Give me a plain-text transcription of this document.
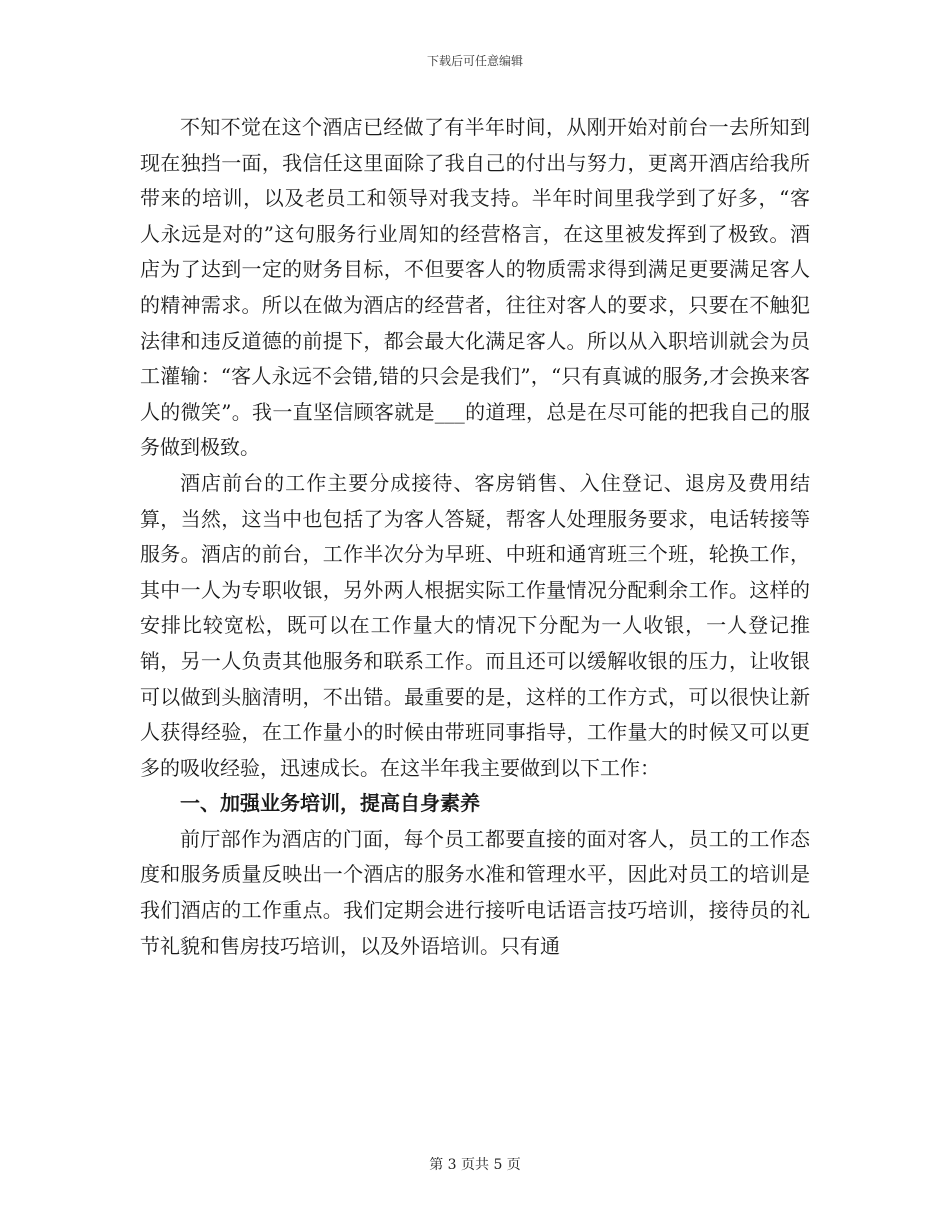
下载后可任意编辑

不知不觉在这个酒店已经做了有半年时间，从刚开始对前台一去所知到现在独挡一面，我信任这里面除了我自己的付出与努力，更离开酒店给我所带来的培训，以及老员工和领导对我支持。半年时间里我学到了好多，“客人永远是对的”这句服务行业周知的经营格言，在这里被发挥到了极致。酒店为了达到一定的财务目标，不但要客人的物质需求得到满足更要满足客人的精神需求。所以在做为酒店的经营者，往往对客人的要求，只要在不触犯法律和违反道德的前提下，都会最大化满足客人。所以从入职培训就会为员工灌输：“客人永远不会错,错的只会是我们”，“只有真诚的服务,才会换来客人的微笑”。我一直坚信顾客就是___的道理，总是在尽可能的把我自己的服务做到极致。

酒店前台的工作主要分成接待、客房销售、入住登记、退房及费用结算，当然，这当中也包括了为客人答疑，帮客人处理服务要求，电话转接等服务。酒店的前台，工作半次分为早班、中班和通宵班三个班，轮换工作，其中一人为专职收银，另外两人根据实际工作量情况分配剩余工作。这样的安排比较宽松，既可以在工作量大的情况下分配为一人收银，一人登记推销，另一人负责其他服务和联系工作。而且还可以缓解收银的压力，让收银可以做到头脑清明，不出错。最重要的是，这样的工作方式，可以很快让新人获得经验，在工作量小的时候由带班同事指导，工作量大的时候又可以更多的吸收经验，迅速成长。在这半年我主要做到以下工作：

一、加强业务培训，提高自身素养

前厅部作为酒店的门面，每个员工都要直接的面对客人，员工的工作态度和服务质量反映出一个酒店的服务水准和管理水平，因此对员工的培训是我们酒店的工作重点。我们定期会进行接听电话语言技巧培训，接待员的礼节礼貌和售房技巧培训，以及外语培训。只有通

第 3 页共 5 页
